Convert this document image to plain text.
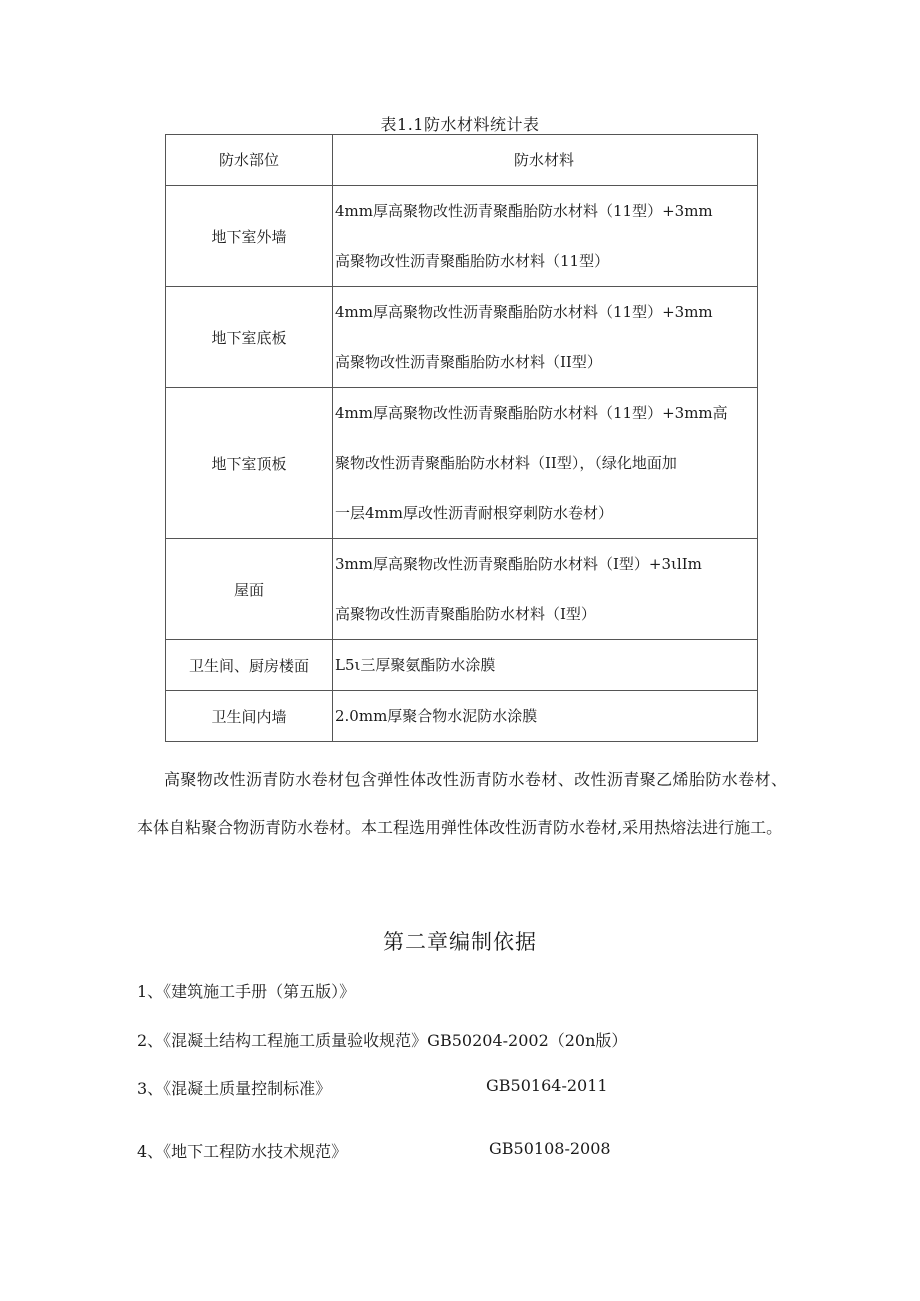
表1.1防水材料统计表
防水部位	防水材料

地下室外墙	4mm厚高聚物改性沥青聚酯胎防水材料（11型）+3mm
高聚物改性沥青聚酯胎防水材料（11型）

地下室底板	4mm厚高聚物改性沥青聚酯胎防水材料（11型）+3mm
高聚物改性沥青聚酯胎防水材料（II型）

地下室顶板	4mm厚高聚物改性沥青聚酯胎防水材料（11型）+3mm高
聚物改性沥青聚酯胎防水材料（II型），（绿化地面加
一层4mm厚改性沥青耐根穿刺防水卷材）

屋面	3mm厚高聚物改性沥青聚酯胎防水材料（I型）+3ιlIm
高聚物改性沥青聚酯胎防水材料（I型）

卫生间、厨房楼面	L5ι三厚聚氨酯防水涂膜

卫生间内墙	2.0mm厚聚合物水泥防水涂膜
高聚物改性沥青防水卷材包含弹性体改性沥青防水卷材、改性沥青聚乙烯胎防水卷材、本体自粘聚合物沥青防水卷材。本工程选用弹性体改性沥青防水卷材,采用热熔法进行施工。
第二章编制依据
1、《建筑施工手册（第五版）》
2、《混凝土结构工程施工质量验收规范》GB50204-2002（20n版）
3、《混凝土质量控制标准》	GB50164-2011
4、《地下工程防水技术规范》	GB50108-2008
